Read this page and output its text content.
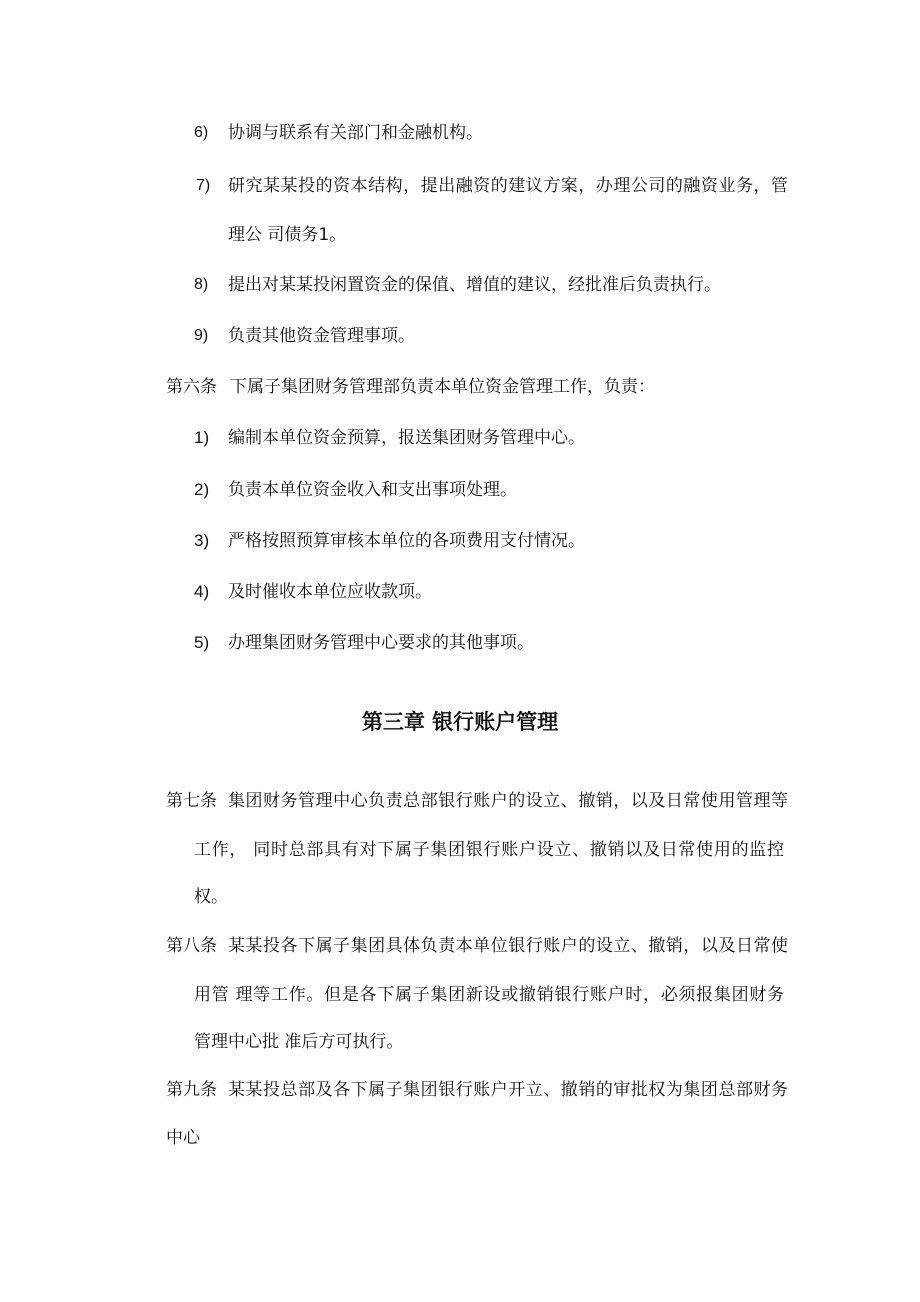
6) 协调与联系有关部门和金融机构。
7) 研究某某投的资本结构，提出融资的建议方案，办理公司的融资业务，管
理公 司债务1。
8) 提出对某某投闲置资金的保值、增值的建议，经批准后负责执行。
9) 负责其他资金管理事项。
第六条 下属子集团财务管理部负责本单位资金管理工作，负责：
1) 编制本单位资金预算，报送集团财务管理中心。
2) 负责本单位资金收入和支出事项处理。
3) 严格按照预算审核本单位的各项费用支付情况。
4) 及时催收本单位应收款项。
5) 办理集团财务管理中心要求的其他事项。
第三章 银行账户管理
第七条 集团财务管理中心负责总部银行账户的设立、撤销，以及日常使用管理等
工作， 同时总部具有对下属子集团银行账户设立、撤销以及日常使用的监控
权。
第八条 某某投各下属子集团具体负责本单位银行账户的设立、撤销，以及日常使
用管 理等工作。但是各下属子集团新设或撤销银行账户时，必须报集团财务
管理中心批 准后方可执行。
第九条 某某投总部及各下属子集团银行账户开立、撤销的审批权为集团总部财务
中心
